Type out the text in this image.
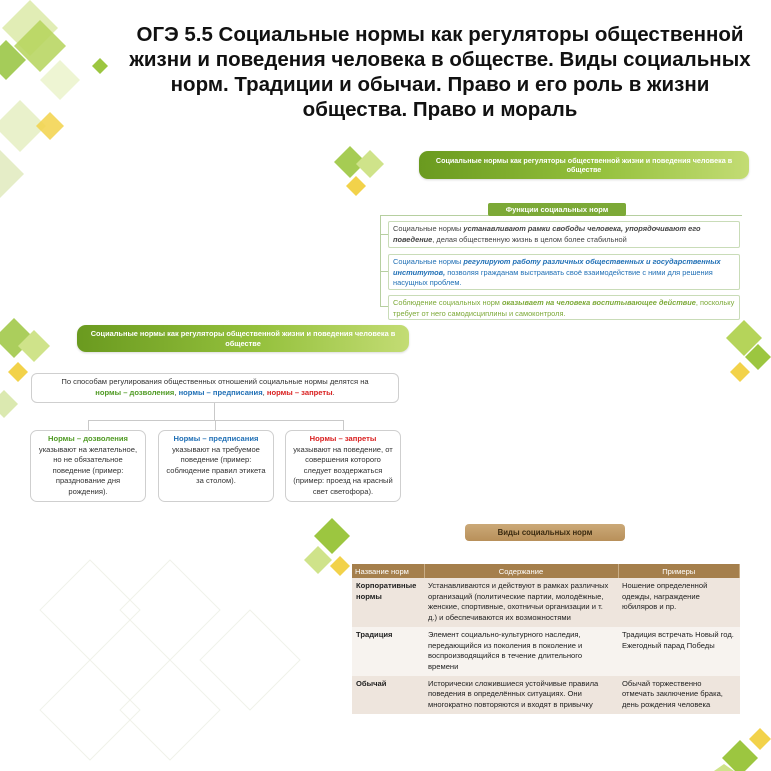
ОГЭ 5.5 Социальные нормы как регуляторы общественной жизни и поведения человека в обществе. Виды социальных норм. Традиции и обычаи. Право и его роль в жизни общества. Право и мораль
Социальные нормы как регуляторы общественной жизни и поведения человека в обществе
Функции социальных норм
Социальные нормы устанавливают рамки свободы человека, упорядочивают его поведение, делая общественную жизнь в целом более стабильной
Социальные нормы регулируют работу различных общественных и государственных институтов, позволяя гражданам выстраивать своё взаимодействие с ними для решения насущных проблем.
Соблюдение социальных норм оказывает на человека воспитывающее действие, поскольку требует от него самодисциплины и самоконтроля.
Социальные нормы как регуляторы общественной жизни и поведения человека в обществе
По способам регулирования общественных отношений социальные нормы делятся на
нормы – дозволения, нормы – предписания, нормы – запреты.
Нормы – дозволения
указывают на желательное, но не обязательное поведение (пример: празднование дня рождения).
Нормы – предписания
указывают на требуемое поведение (пример: соблюдение правил этикета за столом).
Нормы – запреты
указывают на поведение, от совершения которого следует воздержаться (пример: проезд на красный свет светофора).
Виды социальных норм
Название норм	Содержание	Примеры
Корпоративные нормы	Устанавливаются и действуют в рамках различных организаций (политические партии, молодёжные, женские, спортивные, охотничьи организации и т. д.) и обеспечиваются их возможностями	Ношение определенной одежды, награждение юбиляров и пр.
Традиция	Элемент социально-культурного наследия, передающийся из поколения в поколение и воспроизводящийся в течение длительного времени	Традиция встречать Новый год. Ежегодный парад Победы
Обычай	Исторически сложившиеся устойчивые правила поведения в определённых ситуациях. Они многократно повторяются и входят в привычку	Обычай торжественно отмечать заключение брака, день рождения человека
